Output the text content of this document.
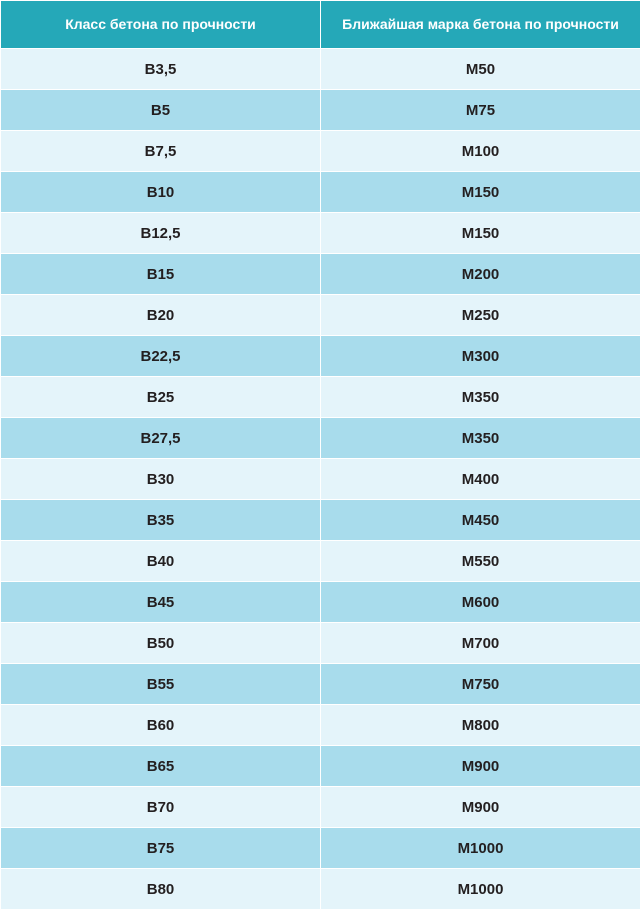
Класс бетона по прочности	Ближайшая марка бетона по прочности
В3,5	М50
В5	М75
В7,5	М100
В10	М150
В12,5	М150
В15	М200
В20	М250
В22,5	М300
В25	М350
В27,5	М350
В30	М400
В35	М450
В40	М550
В45	М600
В50	М700
В55	М750
В60	М800
В65	М900
В70	М900
В75	М1000
В80	М1000
